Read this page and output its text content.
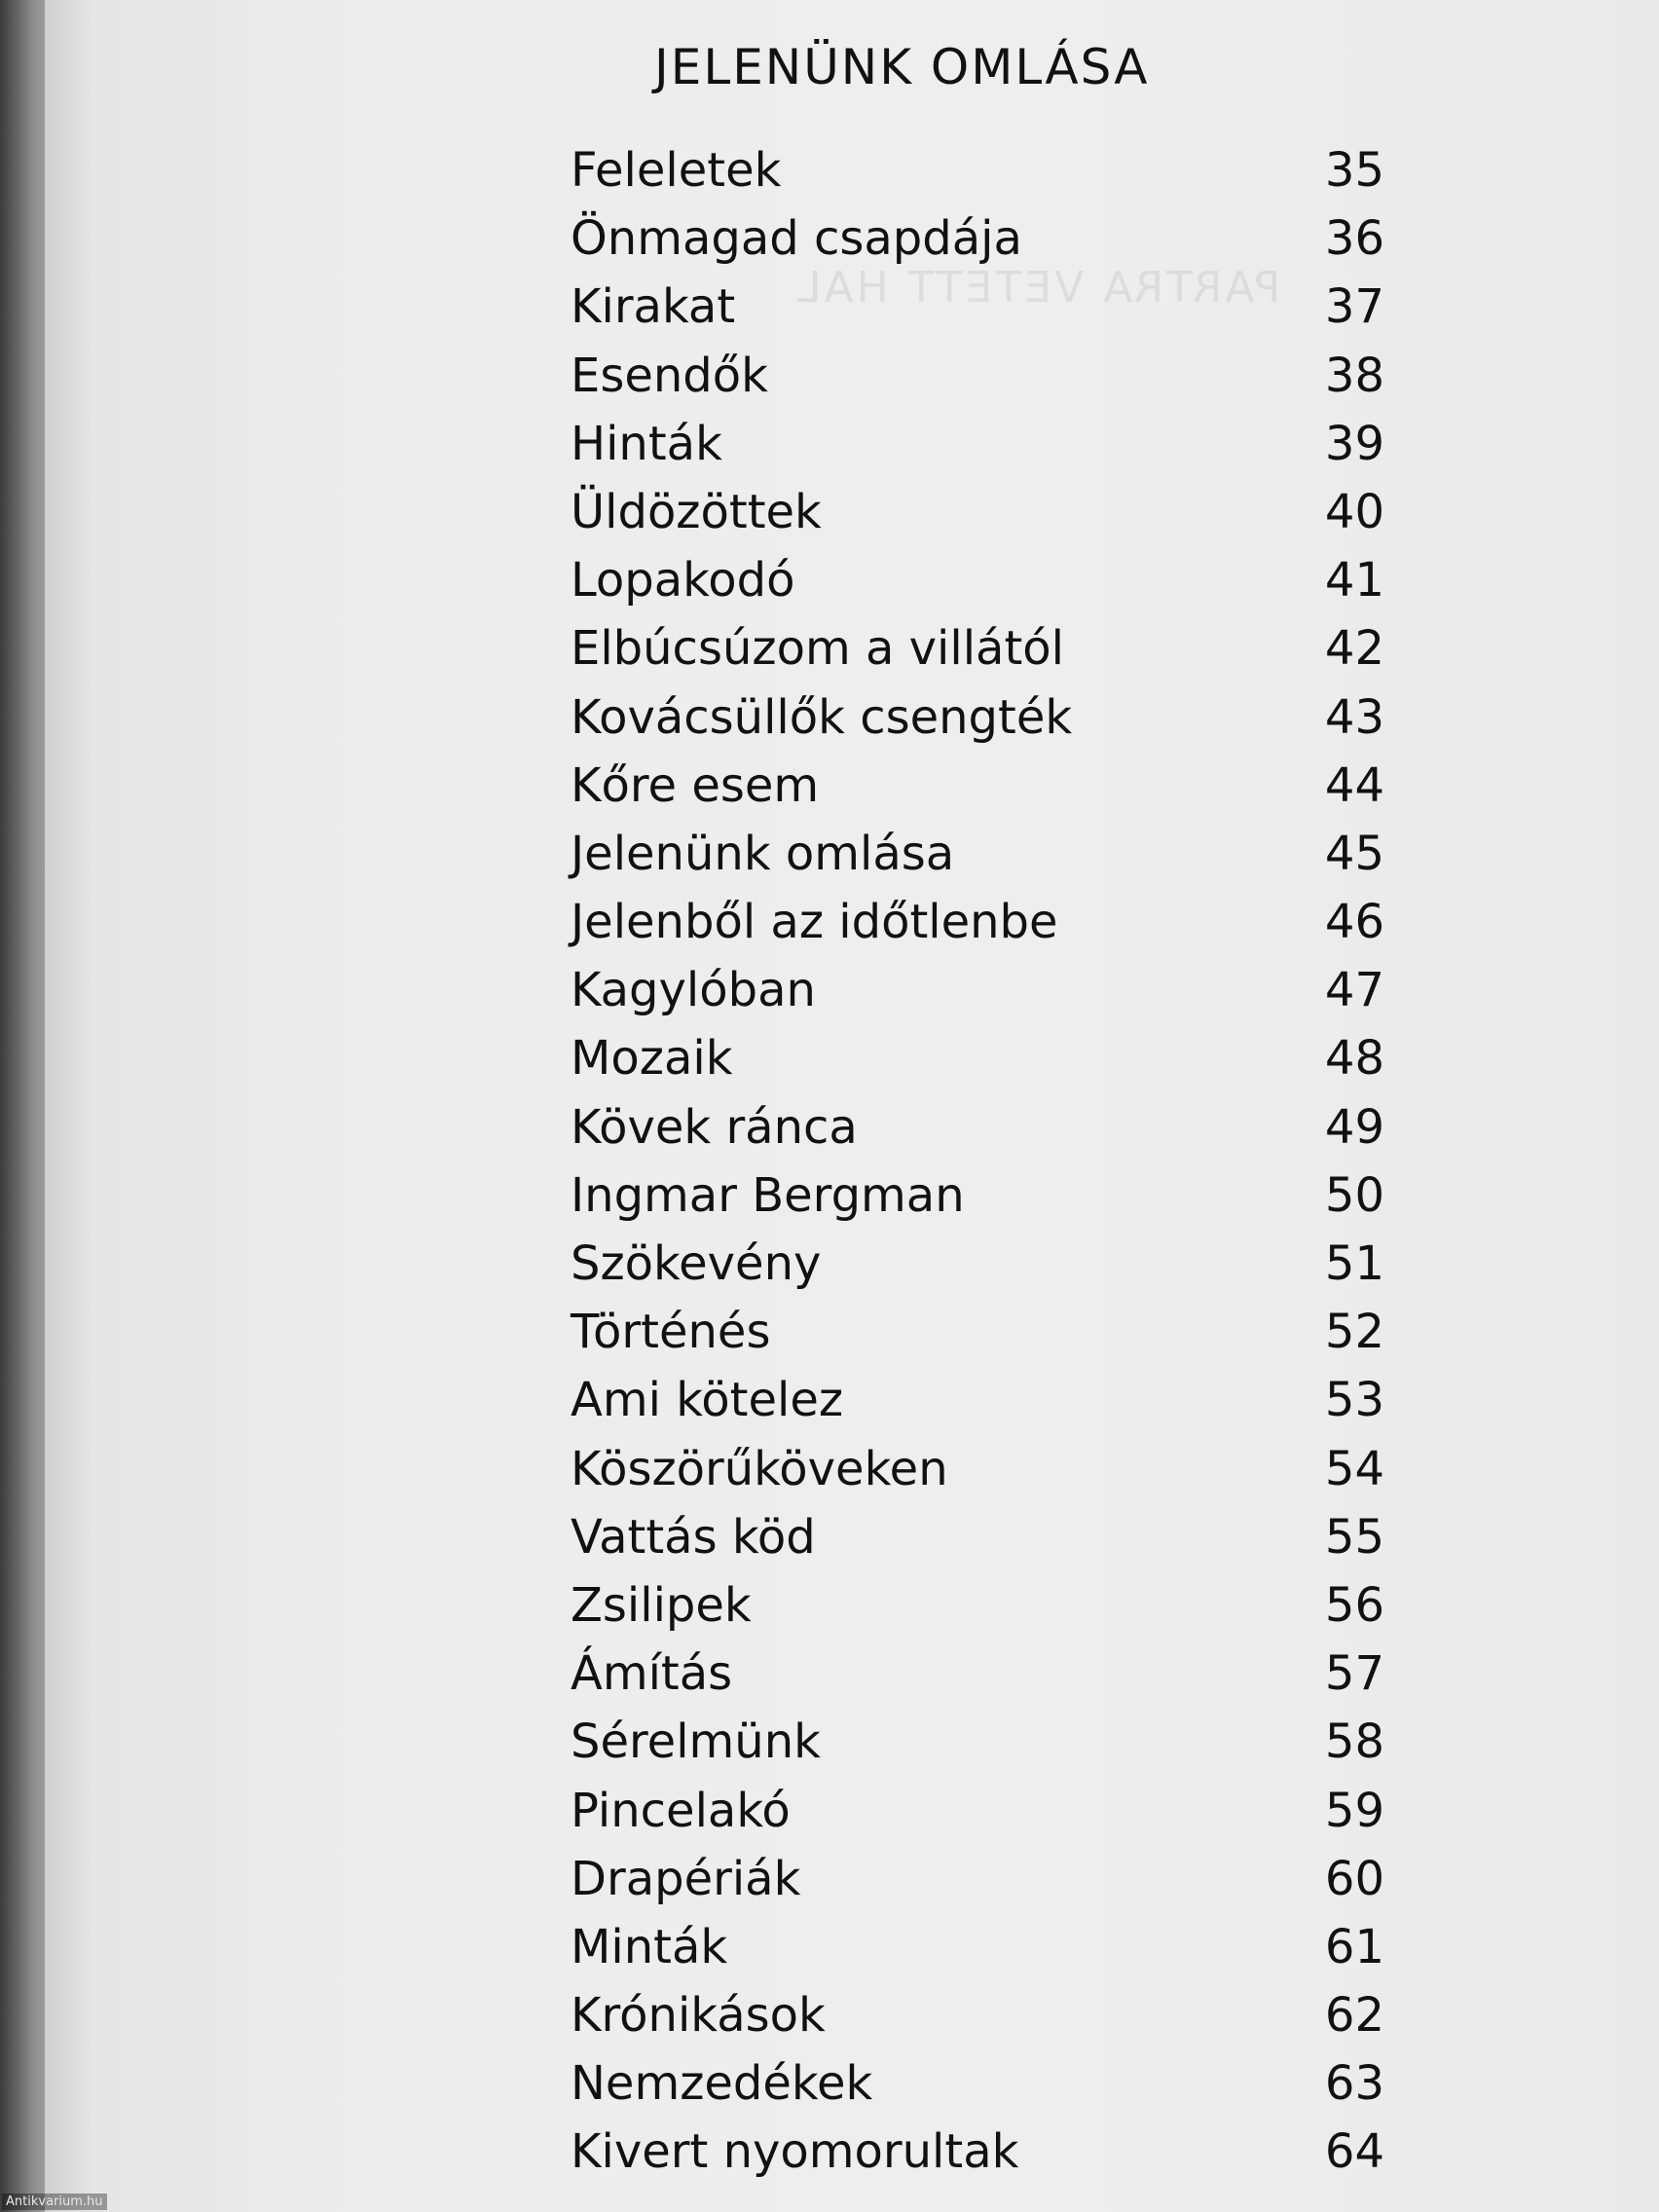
PARTRA VETETT HAL
JELENÜNK OMLÁSA
Feleletek	35
Önmagad csapdája	36
Kirakat	37
Esendők	38
Hinták	39
Üldözöttek	40
Lopakodó	41
Elbúcsúzom a villától	42
Kovácsüllők csengték	43
Kőre esem	44
Jelenünk omlása	45
Jelenből az időtlenbe	46
Kagylóban	47
Mozaik	48
Kövek ránca	49
Ingmar Bergman	50
Szökevény	51
Történés	52
Ami kötelez	53
Köszörűköveken	54
Vattás köd	55
Zsilipek	56
Ámítás	57
Sérelmünk	58
Pincelakó	59
Drapériák	60
Minták	61
Krónikások	62
Nemzedékek	63
Kivert nyomorultak	64
Antikvarium.hu
